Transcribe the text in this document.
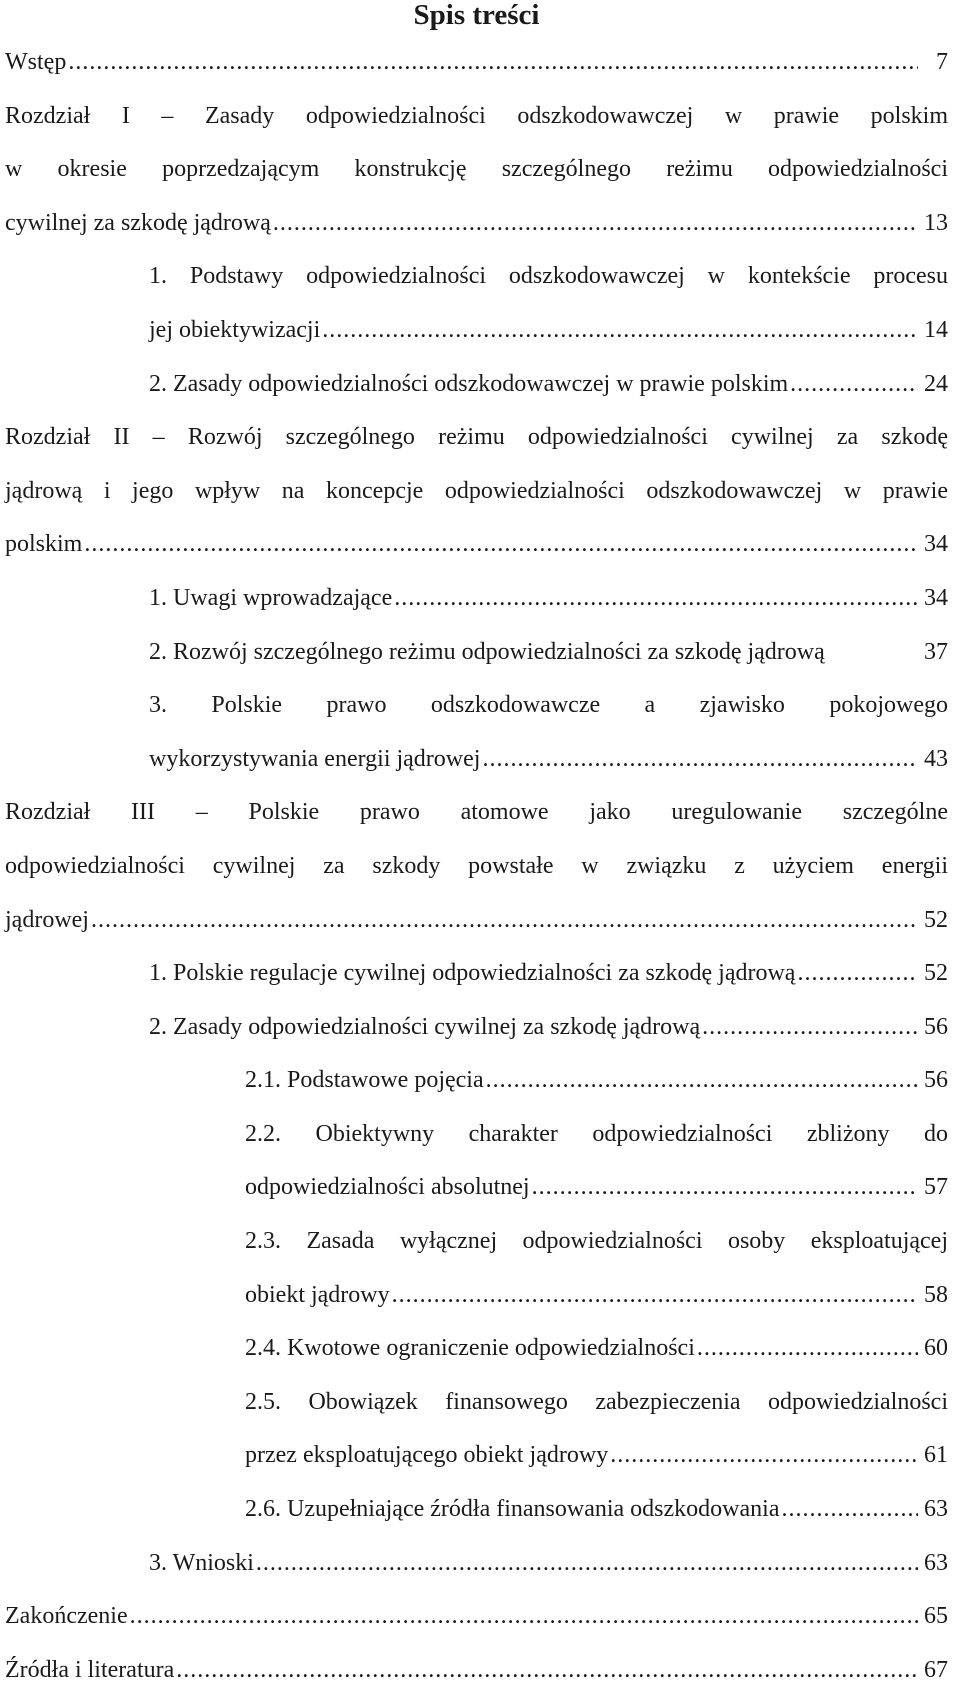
Spis treści
Wstęp .....	7
Rozdział I – Zasady odpowiedzialności odszkodowawczej w prawie polskim
w okresie poprzedzającym konstrukcję szczególnego reżimu odpowiedzialności
cywilnej za szkodę jądrową .....	13
1. Podstawy odpowiedzialności odszkodowawczej w kontekście procesu
jej obiektywizacji .....	14
2. Zasady odpowiedzialności odszkodowawczej w prawie polskim .....	24
Rozdział II – Rozwój szczególnego reżimu odpowiedzialności cywilnej za szkodę
jądrową i jego wpływ na koncepcje odpowiedzialności odszkodowawczej w prawie
polskim .....	34
1. Uwagi wprowadzające .....	34
2. Rozwój szczególnego reżimu odpowiedzialności za szkodę jądrową	37
3. Polskie prawo odszkodowawcze a zjawisko pokojowego
wykorzystywania energii jądrowej .....	43
Rozdział III – Polskie prawo atomowe jako uregulowanie szczególne
odpowiedzialności cywilnej za szkody powstałe w związku z użyciem energii
jądrowej .....	52
1. Polskie regulacje cywilnej odpowiedzialności za szkodę jądrową .....	52
2. Zasady odpowiedzialności cywilnej za szkodę jądrową .....	56
2.1. Podstawowe pojęcia .....	56
2.2. Obiektywny charakter odpowiedzialności zbliżony do
odpowiedzialności absolutnej .....	57
2.3. Zasada wyłącznej odpowiedzialności osoby eksploatującej
obiekt jądrowy .....	58
2.4. Kwotowe ograniczenie odpowiedzialności .....	60
2.5. Obowiązek finansowego zabezpieczenia odpowiedzialności
przez eksploatującego obiekt jądrowy .....	61
2.6. Uzupełniające źródła finansowania odszkodowania .....	63
3. Wnioski .....	63
Zakończenie .....	65
Źródła i literatura .....	67
